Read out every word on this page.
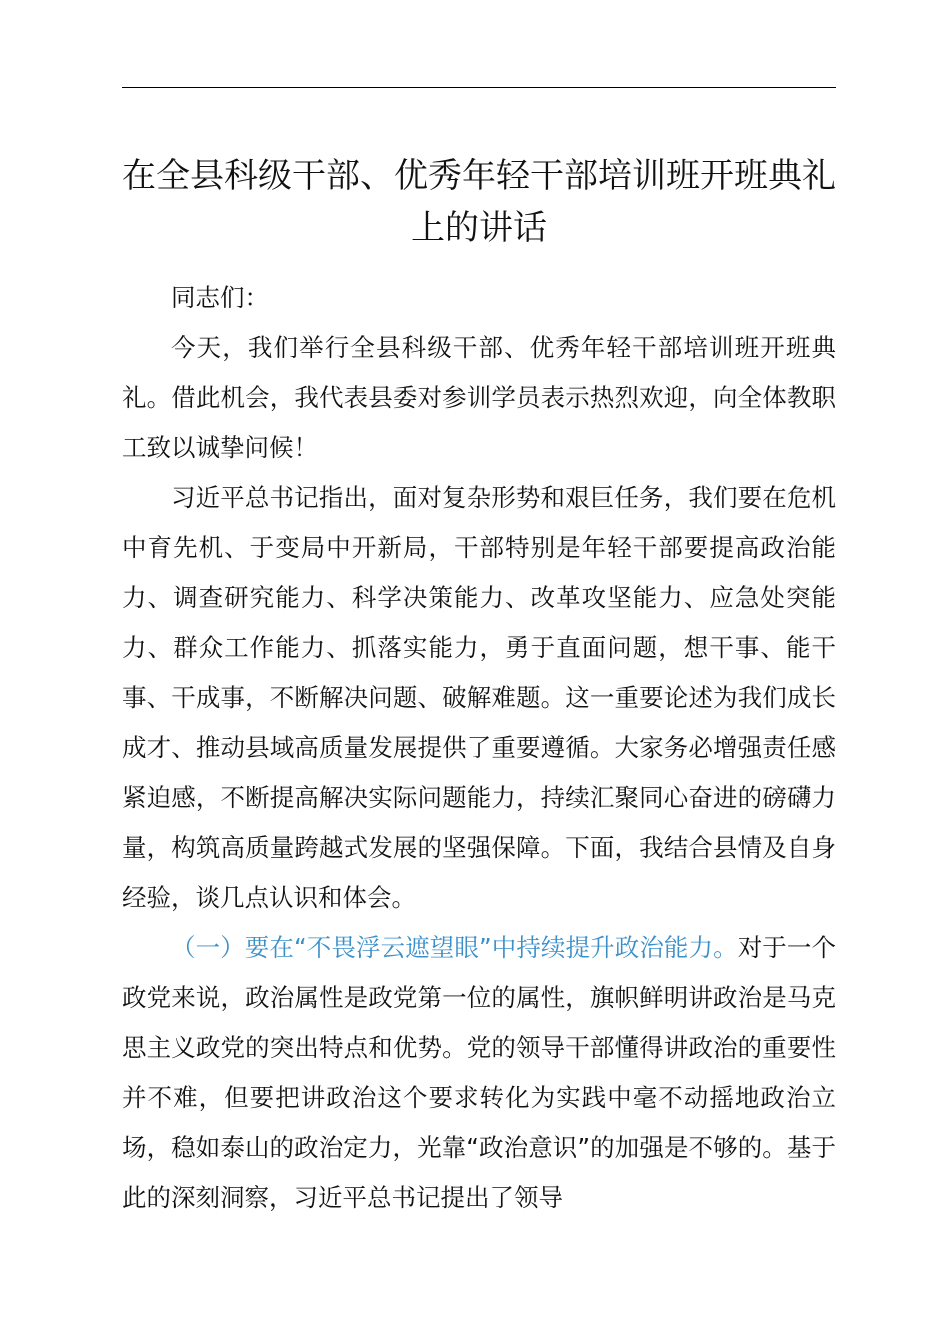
在全县科级干部、优秀年轻干部培训班开班典礼上的讲话

同志们：

今天，我们举行全县科级干部、优秀年轻干部培训班开班典礼。借此机会，我代表县委对参训学员表示热烈欢迎，向全体教职工致以诚挚问候！

习近平总书记指出，面对复杂形势和艰巨任务，我们要在危机中育先机、于变局中开新局，干部特别是年轻干部要提高政治能力、调查研究能力、科学决策能力、改革攻坚能力、应急处突能力、群众工作能力、抓落实能力，勇于直面问题，想干事、能干事、干成事，不断解决问题、破解难题。这一重要论述为我们成长成才、推动县域高质量发展提供了重要遵循。大家务必增强责任感紧迫感，不断提高解决实际问题能力，持续汇聚同心奋进的磅礴力量，构筑高质量跨越式发展的坚强保障。下面，我结合县情及自身经验，谈几点认识和体会。

（一）要在“不畏浮云遮望眼”中持续提升政治能力。对于一个政党来说，政治属性是政党第一位的属性，旗帜鲜明讲政治是马克思主义政党的突出特点和优势。党的领导干部懂得讲政治的重要性并不难，但要把讲政治这个要求转化为实践中毫不动摇地政治立场，稳如泰山的政治定力，光靠“政治意识”的加强是不够的。基于此的深刻洞察，习近平总书记提出了领导
